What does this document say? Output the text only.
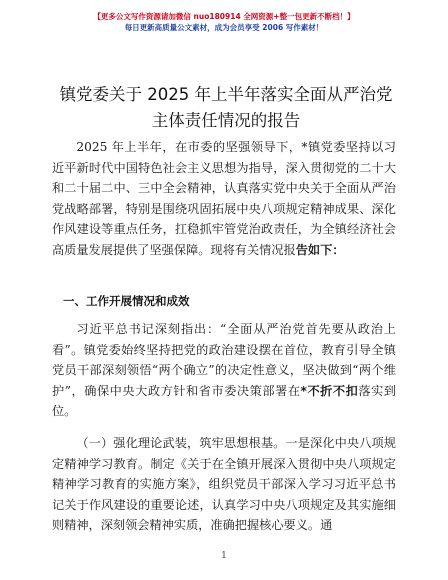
【更多公文写作资源请加微信 nuo180914 全网资源+整一包更新不断档！】
每日更新高质量公文素材，成为会员享受 2006 写作素材！
镇党委关于 2025 年上半年落实全面从严治党主体责任情况的报告

2025 年上半年，在市委的坚强领导下，*镇党委坚持以习近平新时代中国特色社会主义思想为指导，深入贯彻党的二十大和二十届二中、三中全会精神，认真落实党中央关于全面从严治党战略部署，特别是围绕巩固拓展中央八项规定精神成果、深化作风建设等重点任务，扛稳抓牢管党治政责任，为全镇经济社会高质量发展提供了坚强保障。现将有关情况报告如下：

一、工作开展情况和成效

习近平总书记深刻指出：“全面从严治党首先要从政治上看”。镇党委始终坚持把党的政治建设摆在首位，教育引导全镇党员干部深刻领悟“两个确立”的决定性意义，坚决做到“两个维护”，确保中央大政方针和省市委决策部署在*不折不扣落实到位。

（一）强化理论武装，筑牢思想根基。一是深化中央八项规定精神学习教育。制定《关于在全镇开展深入贯彻中央八项规定精神学习教育的实施方案》，组织党员干部深入学习习近平总书记关于作风建设的重要论述，认真学习中央八项规定及其实施细则精神，深刻领会精神实质，准确把握核心要义。通

1
